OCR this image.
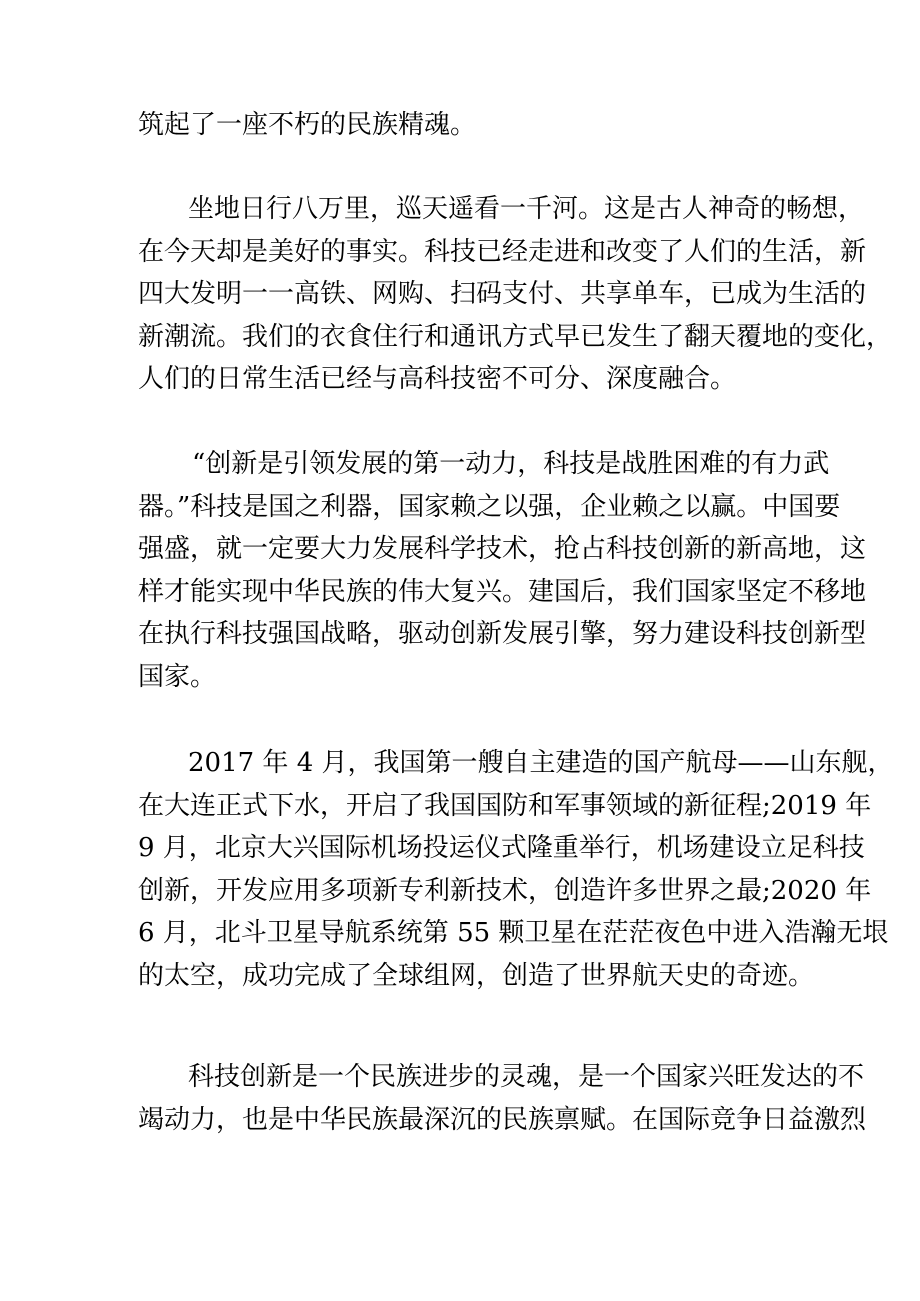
筑起了一座不朽的民族精魂。

坐地日行八万里，巡天遥看一千河。这是古人神奇的畅想，
在今天却是美好的事实。科技已经走进和改变了人们的生活，新
四大发明一一高铁、网购、扫码支付、共享单车，已成为生活的
新潮流。我们的衣食住行和通讯方式早已发生了翻天覆地的变化，
人们的日常生活已经与高科技密不可分、深度融合。

“创新是引领发展的第一动力，科技是战胜困难的有力武
器。”科技是国之利器，国家赖之以强，企业赖之以赢。中国要
强盛，就一定要大力发展科学技术，抢占科技创新的新高地，这
样才能实现中华民族的伟大复兴。建国后，我们国家坚定不移地
在执行科技强国战略，驱动创新发展引擎，努力建设科技创新型
国家。

2017 年 4 月，我国第一艘自主建造的国产航母——山东舰，
在大连正式下水，开启了我国国防和军事领域的新征程;2019 年
9 月，北京大兴国际机场投运仪式隆重举行，机场建设立足科技
创新，开发应用多项新专利新技术，创造许多世界之最;2020 年
6 月，北斗卫星导航系统第 55 颗卫星在茫茫夜色中进入浩瀚无垠
的太空，成功完成了全球组网，创造了世界航天史的奇迹。

科技创新是一个民族进步的灵魂，是一个国家兴旺发达的不
竭动力，也是中华民族最深沉的民族禀赋。在国际竞争日益激烈
